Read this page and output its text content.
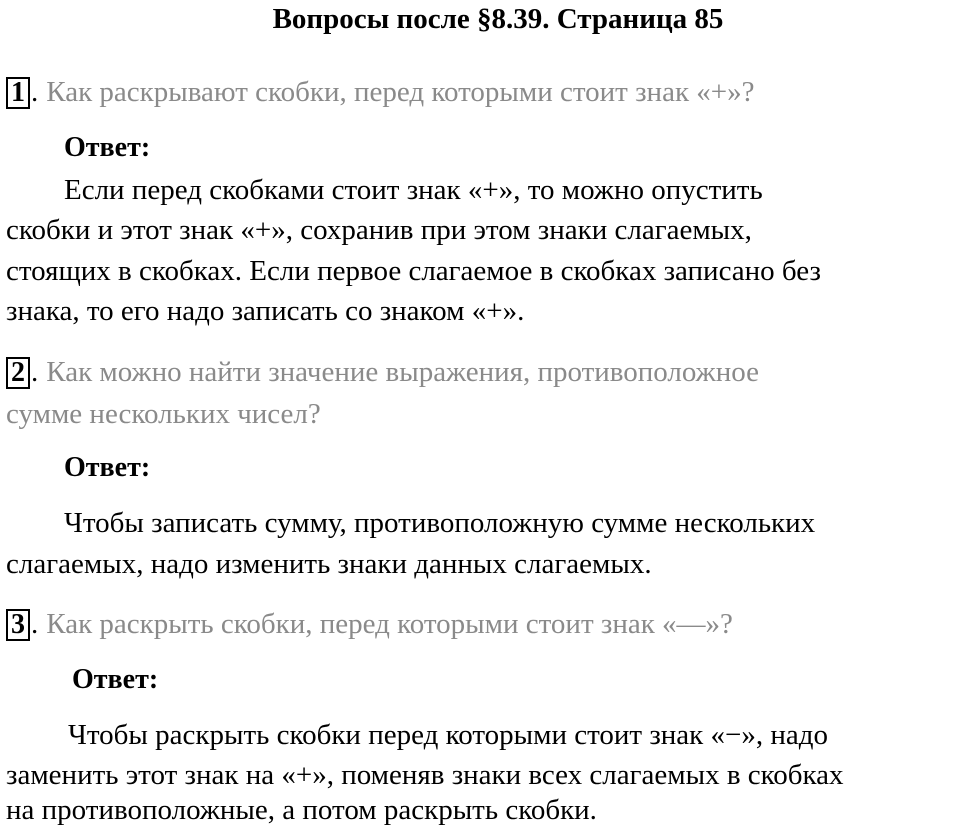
Вопросы после §8.39. Страница 85
1 . Как раскрывают скобки, перед которыми стоит знак «+»?
Ответ:
Если перед скобками стоит знак «+», то можно опустить
скобки и этот знак «+», сохранив при этом знаки слагаемых,
стоящих в скобках. Если первое слагаемое в скобках записано без
знака, то его надо записать со знаком «+».
2 . Как можно найти значение выражения, противоположное
сумме нескольких чисел?
Ответ:
Чтобы записать сумму, противоположную сумме нескольких
слагаемых, надо изменить знаки данных слагаемых.
3 . Как раскрыть скобки, перед которыми стоит знак «—»?
Ответ:
Чтобы раскрыть скобки перед которыми стоит знак «−», надо
заменить этот знак на «+», поменяв знаки всех слагаемых в скобках
на противоположные, а потом раскрыть скобки.
